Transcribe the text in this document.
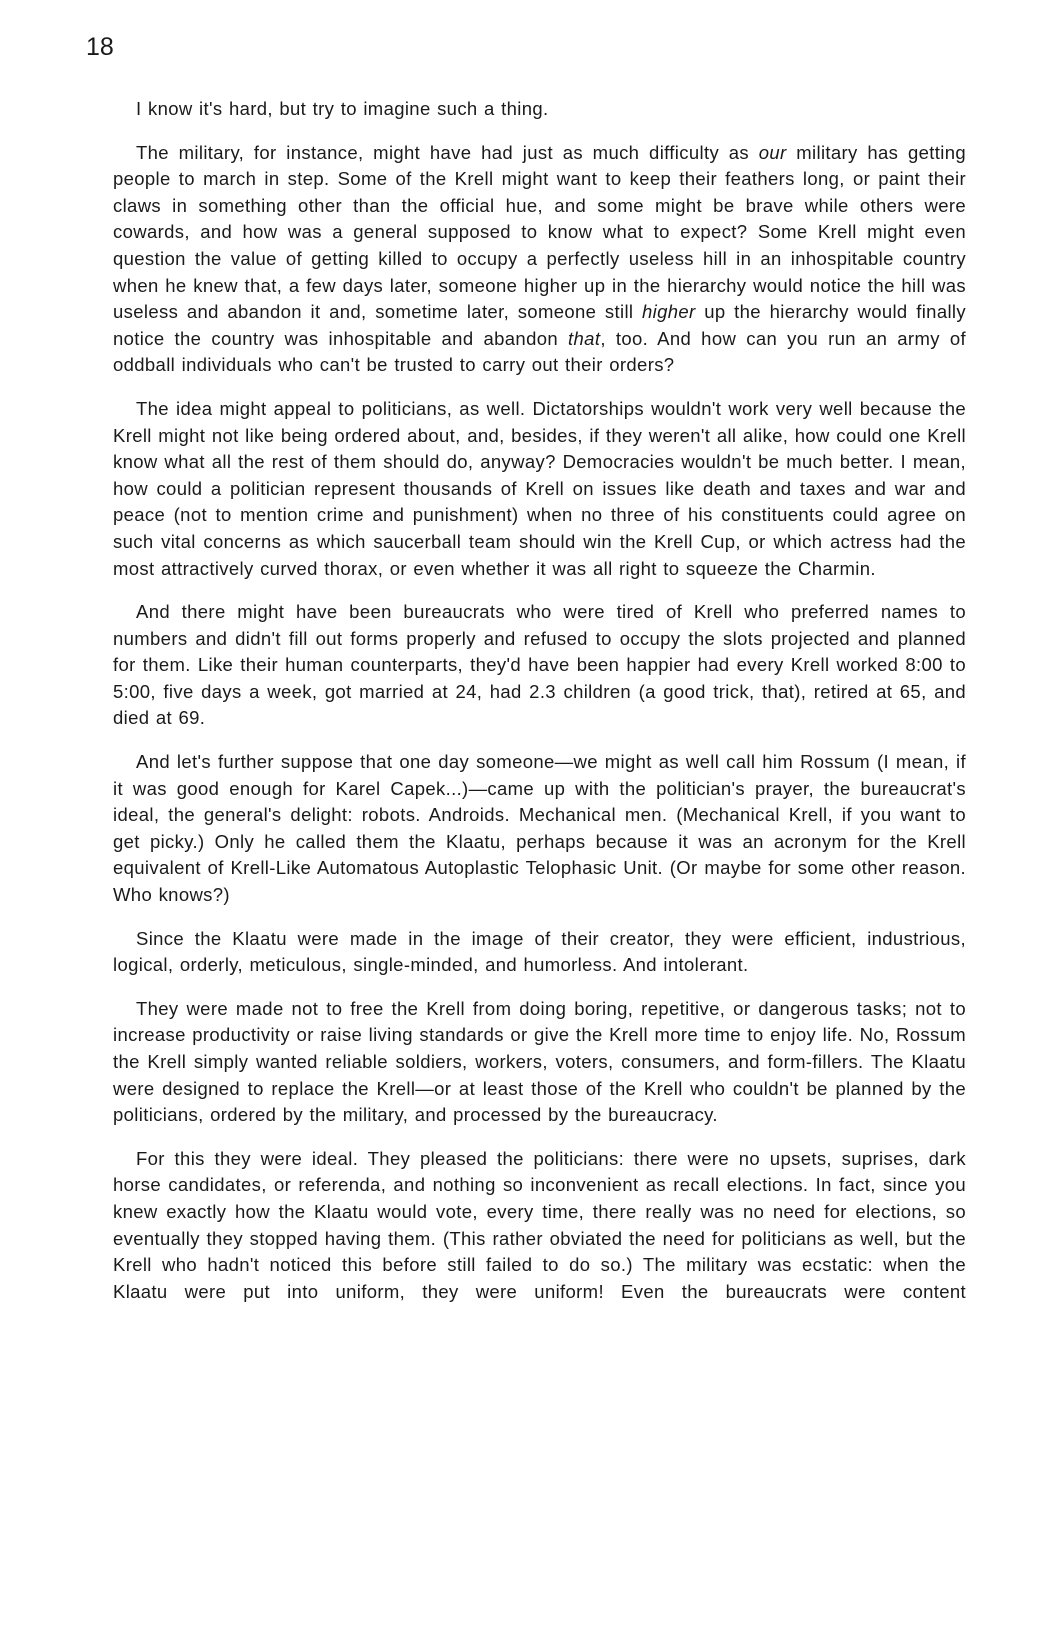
18

I know it's hard, but try to imagine such a thing.

The military, for instance, might have had just as much difficulty as our military has getting people to march in step. Some of the Krell might want to keep their feathers long, or paint their claws in something other than the official hue, and some might be brave while others were cowards, and how was a general supposed to know what to expect? Some Krell might even question the value of getting killed to occupy a perfectly useless hill in an inhospitable country when he knew that, a few days later, someone higher up in the hierarchy would notice the hill was useless and abandon it and, sometime later, someone still higher up the hierarchy would finally notice the country was inhospitable and abandon that, too. And how can you run an army of oddball individuals who can't be trusted to carry out their orders?

The idea might appeal to politicians, as well. Dictatorships wouldn't work very well because the Krell might not like being ordered about, and, besides, if they weren't all alike, how could one Krell know what all the rest of them should do, anyway? Democracies wouldn't be much better. I mean, how could a politician represent thousands of Krell on issues like death and taxes and war and peace (not to mention crime and punishment) when no three of his constituents could agree on such vital concerns as which saucerball team should win the Krell Cup, or which actress had the most attractively curved thorax, or even whether it was all right to squeeze the Charmin.

And there might have been bureaucrats who were tired of Krell who preferred names to numbers and didn't fill out forms properly and refused to occupy the slots projected and planned for them. Like their human counterparts, they'd have been happier had every Krell worked 8:00 to 5:00, five days a week, got married at 24, had 2.3 children (a good trick, that), retired at 65, and died at 69.

And let's further suppose that one day someone—we might as well call him Rossum (I mean, if it was good enough for Karel Capek...)—came up with the politician's prayer, the bureaucrat's ideal, the general's delight: robots. Androids. Mechanical men. (Mechanical Krell, if you want to get picky.) Only he called them the Klaatu, perhaps because it was an acronym for the Krell equivalent of Krell-Like Automatous Autoplastic Telophasic Unit. (Or maybe for some other reason. Who knows?)

Since the Klaatu were made in the image of their creator, they were efficient, industrious, logical, orderly, meticulous, single-minded, and humorless. And intolerant.

They were made not to free the Krell from doing boring, repetitive, or dangerous tasks; not to increase productivity or raise living standards or give the Krell more time to enjoy life. No, Rossum the Krell simply wanted reliable soldiers, workers, voters, consumers, and form-fillers. The Klaatu were designed to replace the Krell—or at least those of the Krell who couldn't be planned by the politicians, ordered by the military, and processed by the bureaucracy.

For this they were ideal. They pleased the politicians: there were no upsets, suprises, dark horse candidates, or referenda, and nothing so inconvenient as recall elections. In fact, since you knew exactly how the Klaatu would vote, every time, there really was no need for elections, so eventually they stopped having them. (This rather obviated the need for politicians as well, but the Krell who hadn't noticed this before still failed to do so.) The military was ecstatic: when the Klaatu were put into uniform, they were uniform! Even the bureaucrats were content
